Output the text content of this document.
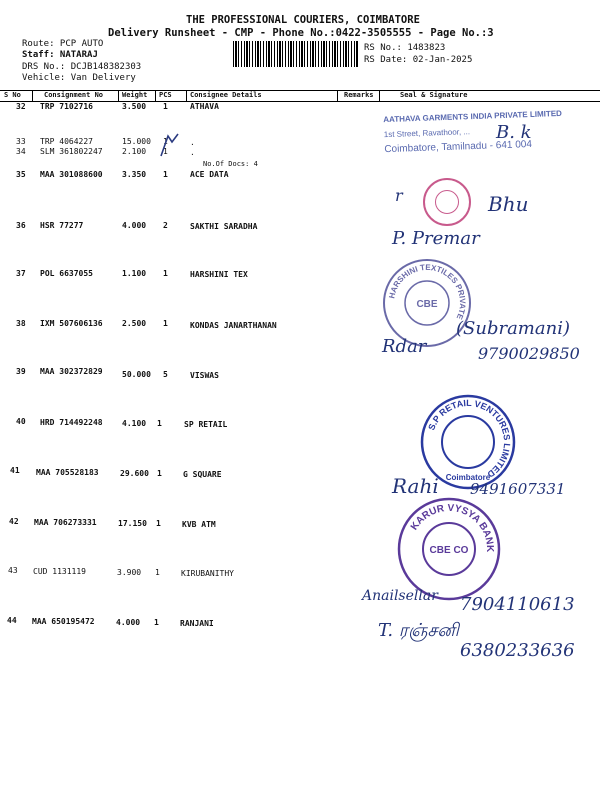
THE PROFESSIONAL COURIERS, COIMBATORE
Delivery Runsheet - CMP - Phone No.:0422-3505555 - Page No.:3
Route: PCP AUTO
Staff: NATARAJ
DRS No.: DCJB148382303
Vehicle: Van Delivery
RS No.: 1483823
RS Date: 02-Jan-2025
S No	Consignment No	Weight PCS	Consignee Details	Remarks	Seal & Signature
32 TRP 7102716	3.500 1	ATHAVA
33 TRP 4064227	15.000 1	.
34 SLM 361802247 2.100 1	.
No.Of Docs: 4
35 MAA 301088600 3.350 1	ACE DATA
36 HSR 77277	4.000 2	SAKTHI SARADHA
37 POL 6637055	1.100 1	HARSHINI TEX
38 IXM 507606136 2.500 1	KONDAS JANARTHANAN
39 MAA 302372829 50.000 5	VISWAS
40 HRD 714492248 4.100 1	SP RETAIL
41 MAA 705528183	29.600 1	G SQUARE
42 MAA 706273331	17.150 1	KVB ATM
43 CUD 1131119	3.900 1	KIRUBANITHY
44 MAA 650195472	4.000 1	RANJANI
AATHAVA GARMENTS INDIA PRIVATE LIMITED
1st Street, Ravathoor, ...
Coimbatore, Tamilnadu - 641 004
B. k
Bhu
r
P. Premar
HARSHINI TEXTILES PRIVATE
CBE
(Subramani)
Rdar	9790029850
S.P RETAIL VENTURES LIMITED
Coimbatore
Rahi 9491607331
KARUR VYSYA BANK
CBE CO
Anailsellar 7904110613
T. ரஞ்சனி
6380233636
